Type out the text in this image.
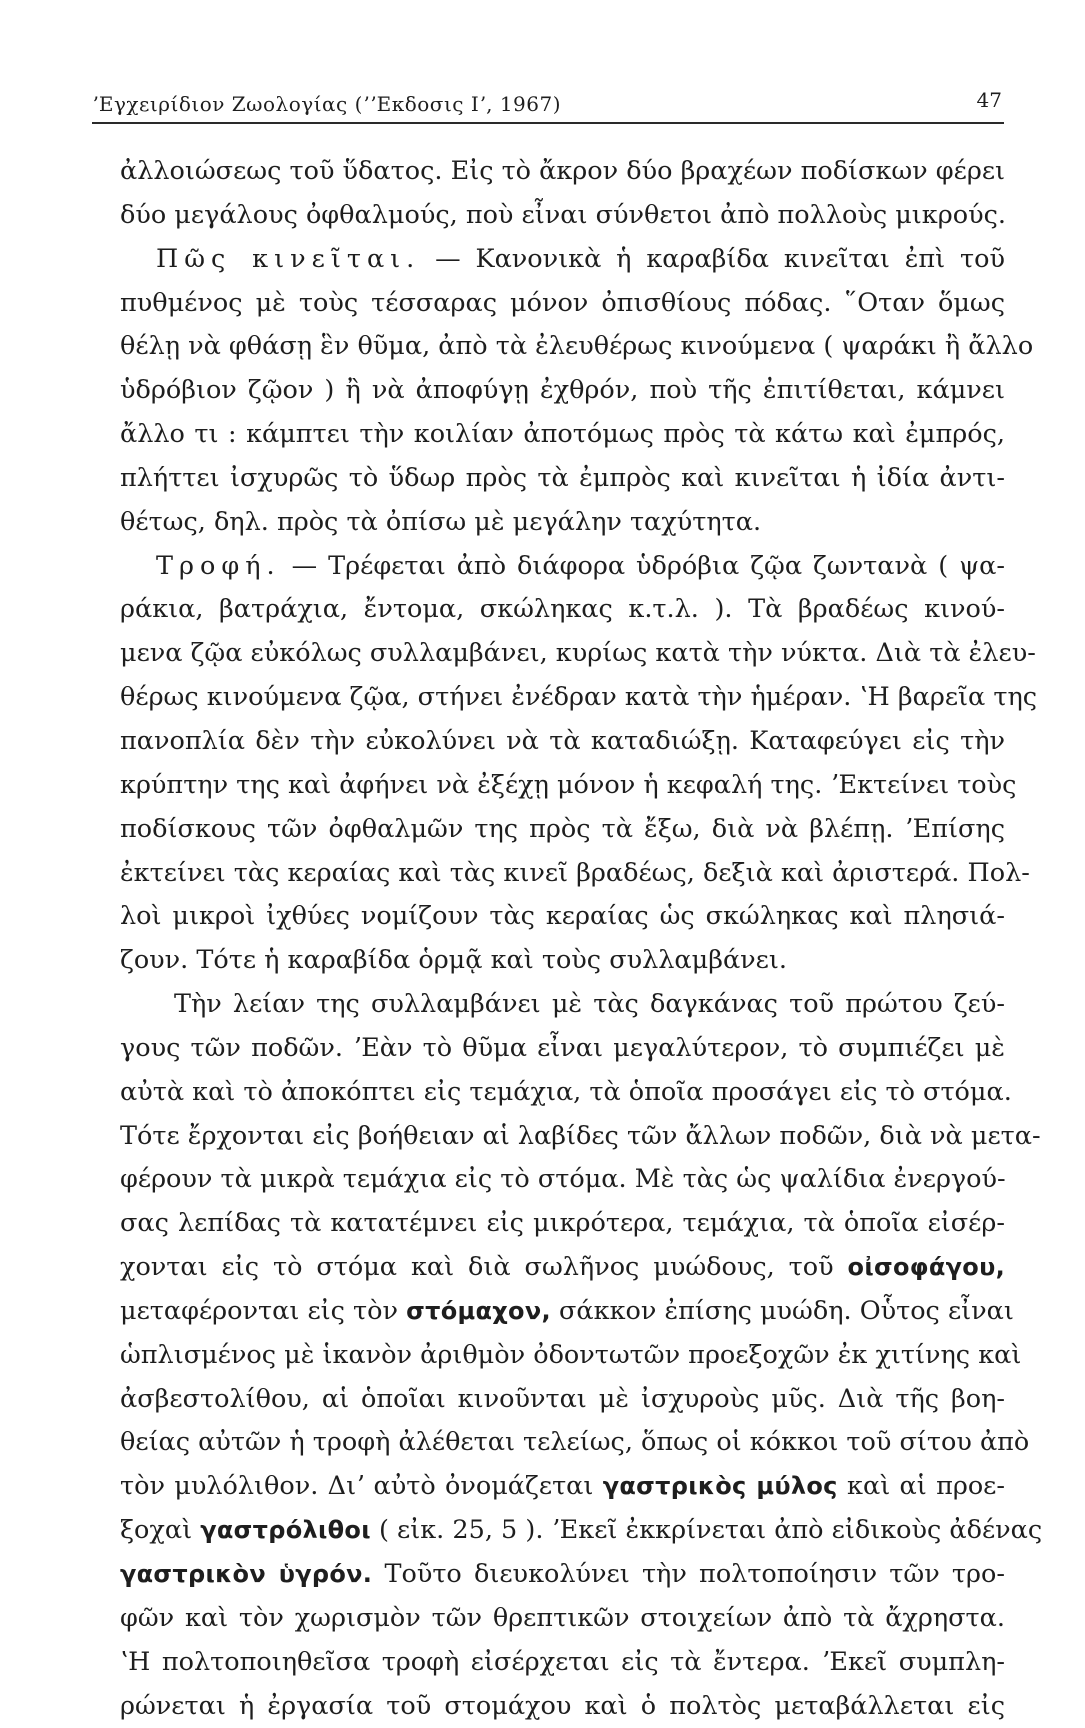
ʼΕγχειρίδιον Ζωολογίας (ʼʼΕκδοσις Ιʼ, 1967)	47
ἀλλοιώσεως τοῦ ὕδατος. Εἰς τὸ ἄκρον δύο βραχέων ποδίσκων φέρει
δύο μεγάλους ὀφθαλμούς, ποὺ εἶναι σύνθετοι ἀπὸ πολλοὺς μικρούς.
Πῶς κινεῖται. — Κανονικὰ ἡ καραβίδα κινεῖται ἐπὶ τοῦ
πυθμένος μὲ τοὺς τέσσαρας μόνον ὀπισθίους πόδας. ῞Οταν ὅμως
θέλῃ νὰ φθάσῃ ἓν θῦμα, ἀπὸ τὰ ἐλευθέρως κινούμενα ( ψαράκι ἢ ἄλλο
ὑδρόβιον ζῷον ) ἢ νὰ ἀποφύγῃ ἐχθρόν, ποὺ τῆς ἐπιτίθεται, κάμνει
ἄλλο τι : κάμπτει τὴν κοιλίαν ἀποτόμως πρὸς τὰ κάτω καὶ ἐμπρός,
πλήττει ἰσχυρῶς τὸ ὕδωρ πρὸς τὰ ἐμπρὸς καὶ κινεῖται ἡ ἰδία ἀντι-
θέτως, δηλ. πρὸς τὰ ὀπίσω μὲ μεγάλην ταχύτητα.
Τροφή. — Τρέφεται ἀπὸ διάφορα ὑδρόβια ζῷα ζωντανὰ ( ψα-
ράκια, βατράχια, ἔντομα, σκώληκας κ.τ.λ. ). Τὰ βραδέως κινού-
μενα ζῷα εὐκόλως συλλαμβάνει, κυρίως κατὰ τὴν νύκτα. Διὰ τὰ ἐλευ-
θέρως κινούμενα ζῷα, στήνει ἐνέδραν κατὰ τὴν ἡμέραν. ʽΗ βαρεῖα της
πανοπλία δὲν τὴν εὐκολύνει νὰ τὰ καταδιώξῃ. Καταφεύγει εἰς τὴν
κρύπτην της καὶ ἀφήνει νὰ ἐξέχῃ μόνον ἡ κεφαλή της. ʼΕκτείνει τοὺς
ποδίσκους τῶν ὀφθαλμῶν της πρὸς τὰ ἔξω, διὰ νὰ βλέπῃ. ʼΕπίσης
ἐκτείνει τὰς κεραίας καὶ τὰς κινεῖ βραδέως, δεξιὰ καὶ ἀριστερά. Πολ-
λοὶ μικροὶ ἰχθύες νομίζουν τὰς κεραίας ὡς σκώληκας καὶ πλησιά-
ζουν. Τότε ἡ καραβίδα ὁρμᾷ καὶ τοὺς συλλαμβάνει.
Τὴν λείαν της συλλαμβάνει μὲ τὰς δαγκάνας τοῦ πρώτου ζεύ-
γους τῶν ποδῶν. ʼΕὰν τὸ θῦμα εἶναι μεγαλύτερον, τὸ συμπιέζει μὲ
αὐτὰ καὶ τὸ ἀποκόπτει εἰς τεμάχια, τὰ ὁποῖα προσάγει εἰς τὸ στόμα.
Τότε ἔρχονται εἰς βοήθειαν αἱ λαβίδες τῶν ἄλλων ποδῶν, διὰ νὰ μετα-
φέρουν τὰ μικρὰ τεμάχια εἰς τὸ στόμα. Μὲ τὰς ὡς ψαλίδια ἐνεργού-
σας λεπίδας τὰ κατατέμνει εἰς μικρότερα, τεμάχια, τὰ ὁποῖα εἰσέρ-
χονται εἰς τὸ στόμα καὶ διὰ σωλῆνος μυώδους, τοῦ οἰσοφάγου,
μεταφέρονται εἰς τὸν στόμαχον, σάκκον ἐπίσης μυώδη. Οὗτος εἶναι
ὡπλισμένος μὲ ἱκανὸν ἀριθμὸν ὀδοντωτῶν προεξοχῶν ἐκ χιτίνης καὶ
ἀσβεστολίθου, αἱ ὁποῖαι κινοῦνται μὲ ἰσχυροὺς μῦς. Διὰ τῆς βοη-
θείας αὐτῶν ἡ τροφὴ ἀλέθεται τελείως, ὅπως οἱ κόκκοι τοῦ σίτου ἀπὸ
τὸν μυλόλιθον. Διʼ αὐτὸ ὀνομάζεται γαστρικὸς μύλος καὶ αἱ προε-
ξοχαὶ γαστρόλιθοι ( εἰκ. 25, 5 ). ʼΕκεῖ ἐκκρίνεται ἀπὸ εἰδικοὺς ἀδένας
γαστρικὸν ὑγρόν. Τοῦτο διευκολύνει τὴν πολτοποίησιν τῶν τρο-
φῶν καὶ τὸν χωρισμὸν τῶν θρεπτικῶν στοιχείων ἀπὸ τὰ ἄχρηστα.
ʽΗ πολτοποιηθεῖσα τροφὴ εἰσέρχεται εἰς τὰ ἔντερα. ʼΕκεῖ συμπλη-
ρώνεται ἡ ἐργασία τοῦ στομάχου καὶ ὁ πολτὸς μεταβάλλεται εἰς
